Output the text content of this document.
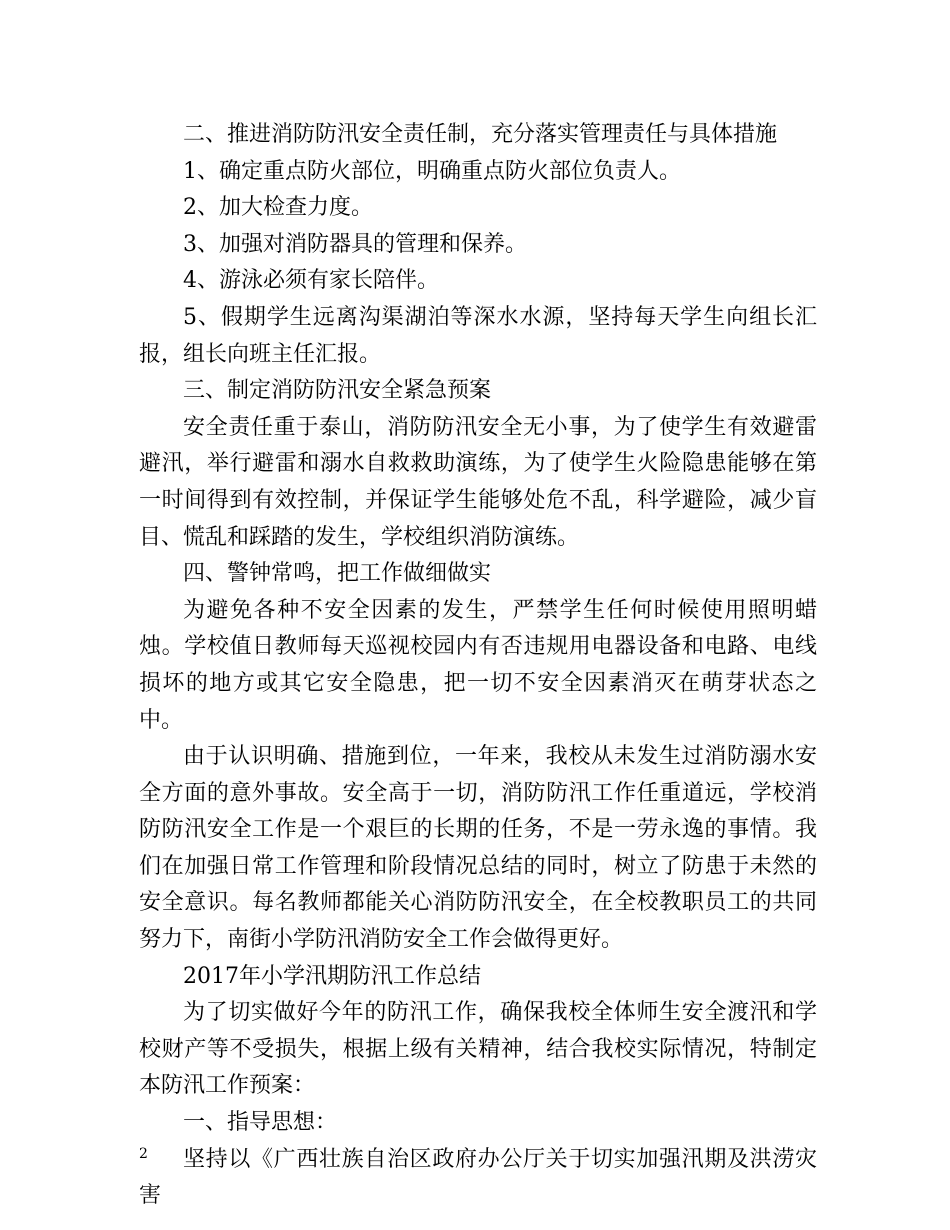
二、推进消防防汛安全责任制，充分落实管理责任与具体措施

1、确定重点防火部位，明确重点防火部位负责人。

2、加大检查力度。

3、加强对消防器具的管理和保养。

4、游泳必须有家长陪伴。

5、假期学生远离沟渠湖泊等深水水源，坚持每天学生向组长汇报，组长向班主任汇报。

三、制定消防防汛安全紧急预案

安全责任重于泰山，消防防汛安全无小事，为了使学生有效避雷避汛，举行避雷和溺水自救救助演练，为了使学生火险隐患能够在第一时间得到有效控制，并保证学生能够处危不乱，科学避险，减少盲目、慌乱和踩踏的发生，学校组织消防演练。

四、警钟常鸣，把工作做细做实

为避免各种不安全因素的发生，严禁学生任何时候使用照明蜡烛。学校值日教师每天巡视校园内有否违规用电器设备和电路、电线损坏的地方或其它安全隐患，把一切不安全因素消灭在萌芽状态之中。

由于认识明确、措施到位，一年来，我校从未发生过消防溺水安全方面的意外事故。安全高于一切，消防防汛工作任重道远，学校消防防汛安全工作是一个艰巨的长期的任务，不是一劳永逸的事情。我们在加强日常工作管理和阶段情况总结的同时，树立了防患于未然的安全意识。每名教师都能关心消防防汛安全，在全校教职员工的共同努力下，南街小学防汛消防安全工作会做得更好。

2017年小学汛期防汛工作总结

为了切实做好今年的防汛工作，确保我校全体师生安全渡汛和学校财产等不受损失，根据上级有关精神，结合我校实际情况，特制定本防汛工作预案：

一、指导思想：

坚持以《广西壮族自治区政府办公厅关于切实加强汛期及洪涝灾害

2
